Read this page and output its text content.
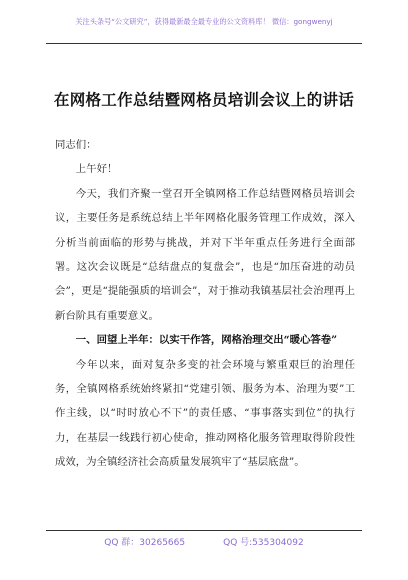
关注头条号“公文研究”，获得最新最全最专业的公文资料库！ 微信：gongwenyj
在网格工作总结暨网格员培训会议上的讲话

同志们：

上午好！

今天，我们齐聚一堂召开全镇网格工作总结暨网格员培训会议，主要任务是系统总结上半年网格化服务管理工作成效，深入分析当前面临的形势与挑战，并对下半年重点任务进行全面部署。这次会议既是“总结盘点的复盘会”，也是“加压奋进的动员会”，更是“提能强质的培训会”，对于推动我镇基层社会治理再上新台阶具有重要意义。

一、回望上半年：以实干作答，网格治理交出“暖心答卷”

今年以来，面对复杂多变的社会环境与繁重艰巨的治理任务，全镇网格系统始终紧扣“党建引领、服务为本、治理为要”工作主线，以“时时放心不下”的责任感、“事事落实到位”的执行力，在基层一线践行初心使命，推动网格化服务管理取得阶段性成效，为全镇经济社会高质量发展筑牢了“基层底盘”。

QQ 群：30265665	QQ 号:535304092
